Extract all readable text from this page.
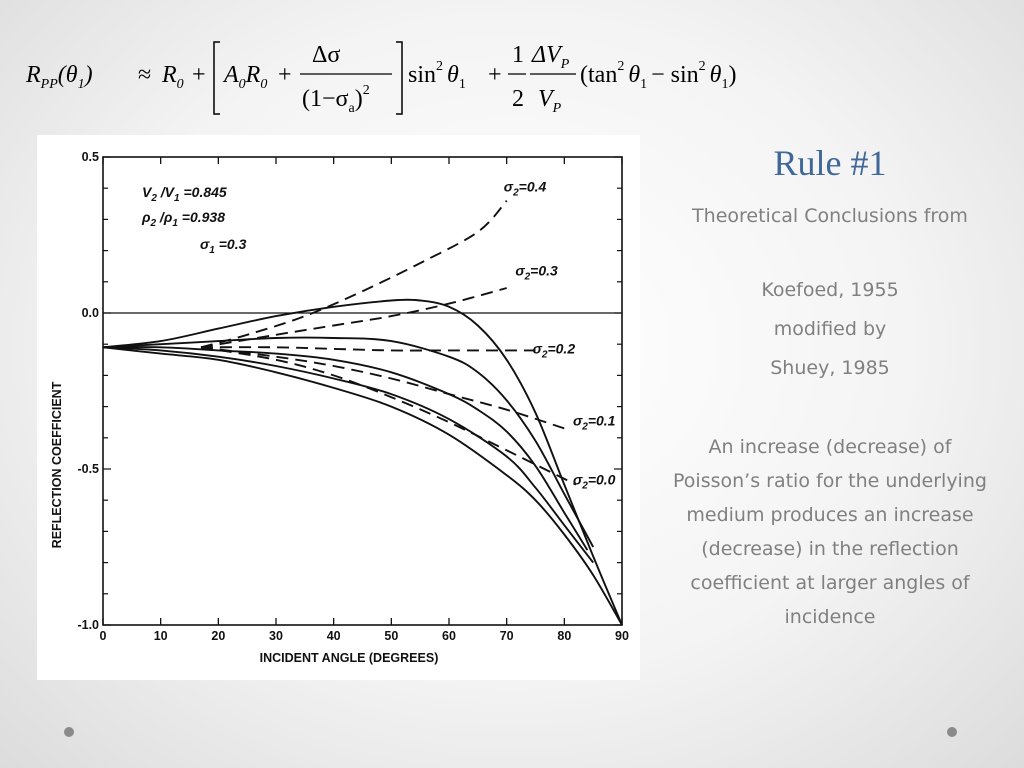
$R_{PP}(\theta_1) \approx R_0 + A_0R_0$ +
Δσ
$(1-\sigma_a)^2$
$\sin^2 \theta_1$ +
1
2
$\Delta V_P$
$V_P$
($\tan^2$ $\theta_1 - \sin^2 \theta_1$)
$\sigma_2=0.4$
$\sigma_2=0.3$
$\sigma_2=0.2$
$\sigma_2=0.1$
$\sigma_2=0.0$
0	10	20	30	40	50	60	70	80	90
0.5
0.0
-0.5
-1.0
INCIDENT ANGLE (DEGREES)
REFLECTION COEFFICIENT
$V_2$ $/V_1 =0.845$
$\rho_2$ $/\rho_1 =0.938$
$\sigma_1 =0.3$
Rule #1
Theoretical Conclusions from
Koefoed, 1955
modified by
Shuey, 1985
An increase (decrease) of Poisson’s ratio for the underlying medium produces an increase (decrease) in the reflection coefficient at larger angles of incidence
